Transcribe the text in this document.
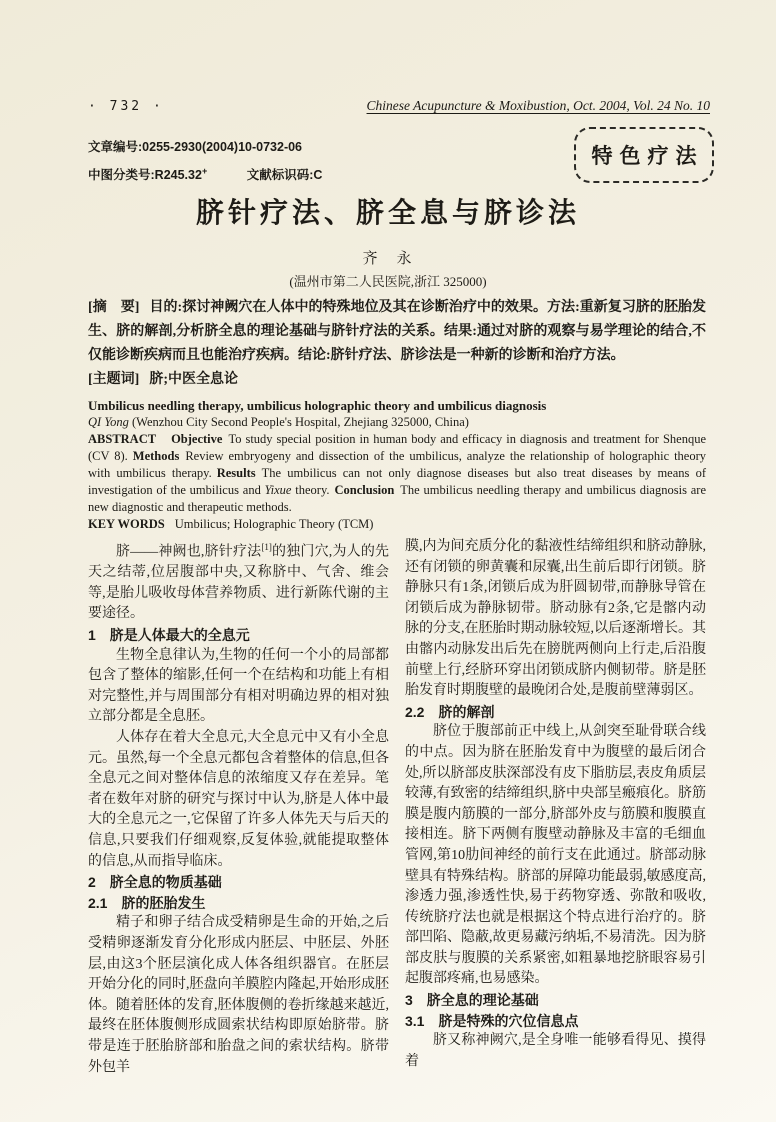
· 732 ·	Chinese Acupuncture & Moxibustion, Oct. 2004, Vol. 24 No. 10
文章编号:0255-2930(2004)10-0732-06
中图分类号:R245.32+	文献标识码:C
特色疗法
脐针疗法、脐全息与脐诊法
齐　永
(温州市第二人民医院,浙江 325000)

[摘　要] 目的:探讨神阙穴在人体中的特殊地位及其在诊断治疗中的效果。方法:重新复习脐的胚胎发生、脐的解剖,分析脐全息的理论基础与脐针疗法的关系。结果:通过对脐的观察与易学理论的结合,不仅能诊断疾病而且也能治疗疾病。结论:脐针疗法、脐诊法是一种新的诊断和治疗方法。

[主题词] 脐;中医全息论

Umbilicus needling therapy, umbilicus holographic theory and umbilicus diagnosis
QI Yong (Wenzhou City Second People's Hospital, Zhejiang 325000, China)

ABSTRACT Objective To study special position in human body and efficacy in diagnosis and treatment for Shenque (CV 8). Methods Review embryogeny and dissection of the umbilicus, analyze the relationship of holographic theory with umbilicus therapy. Results The umbilicus can not only diagnose diseases but also treat diseases by means of investigation of the umbilicus and Yixue theory. Conclusion The umbilicus needling therapy and umbilicus diagnosis are new diagnostic and therapeutic methods.

KEY WORDS Umbilicus; Holographic Theory (TCM)

脐——神阙也,脐针疗法[1]的独门穴,为人的先天之结蒂,位居腹部中央,又称脐中、气舍、维会等,是胎儿吸收母体营养物质、进行新陈代谢的主要途径。

1　脐是人体最大的全息元

生物全息律认为,生物的任何一个小的局部都包含了整体的缩影,任何一个在结构和功能上有相对完整性,并与周围部分有相对明确边界的相对独立部分都是全息胚。

人体存在着大全息元,大全息元中又有小全息元。虽然,每一个全息元都包含着整体的信息,但各全息元之间对整体信息的浓缩度又存在差异。笔者在数年对脐的研究与探讨中认为,脐是人体中最大的全息元之一,它保留了许多人体先天与后天的信息,只要我们仔细观察,反复体验,就能提取整体的信息,从而指导临床。

2　脐全息的物质基础
2.1　脐的胚胎发生

精子和卵子结合成受精卵是生命的开始,之后受精卵逐渐发育分化形成内胚层、中胚层、外胚层,由这3个胚层演化成人体各组织器官。在胚层开始分化的同时,胚盘向羊膜腔内隆起,开始形成胚体。随着胚体的发育,胚体腹侧的卷折缘越来越近,最终在胚体腹侧形成圆索状结构即原始脐带。脐带是连于胚胎脐部和胎盘之间的索状结构。脐带外包羊

膜,内为间充质分化的黏液性结缔组织和脐动静脉,还有闭锁的卵黄囊和尿囊,出生前后即行闭锁。脐静脉只有1条,闭锁后成为肝圆韧带,而静脉导管在闭锁后成为静脉韧带。脐动脉有2条,它是髂内动脉的分支,在胚胎时期动脉较短,以后逐渐增长。其由髂内动脉发出后先在膀胱两侧向上行走,后沿腹前壁上行,经脐环穿出闭锁成脐内侧韧带。脐是胚胎发育时期腹壁的最晚闭合处,是腹前壁薄弱区。

2.2　脐的解剖

脐位于腹部前正中线上,从剑突至耻骨联合线的中点。因为脐在胚胎发育中为腹壁的最后闭合处,所以脐部皮肤深部没有皮下脂肪层,表皮角质层较薄,有致密的结缔组织,脐中央部呈瘢痕化。脐筋膜是腹内筋膜的一部分,脐部外皮与筋膜和腹膜直接相连。脐下两侧有腹壁动静脉及丰富的毛细血管网,第10肋间神经的前行支在此通过。脐部动脉壁具有特殊结构。脐部的屏障功能最弱,敏感度高,渗透力强,渗透性快,易于药物穿透、弥散和吸收,传统脐疗法也就是根据这个特点进行治疗的。脐部凹陷、隐蔽,故更易藏污纳垢,不易清洗。因为脐部皮肤与腹膜的关系紧密,如粗暴地挖脐眼容易引起腹部疼痛,也易感染。

3　脐全息的理论基础
3.1　脐是特殊的穴位信息点

脐又称神阙穴,是全身唯一能够看得见、摸得着
